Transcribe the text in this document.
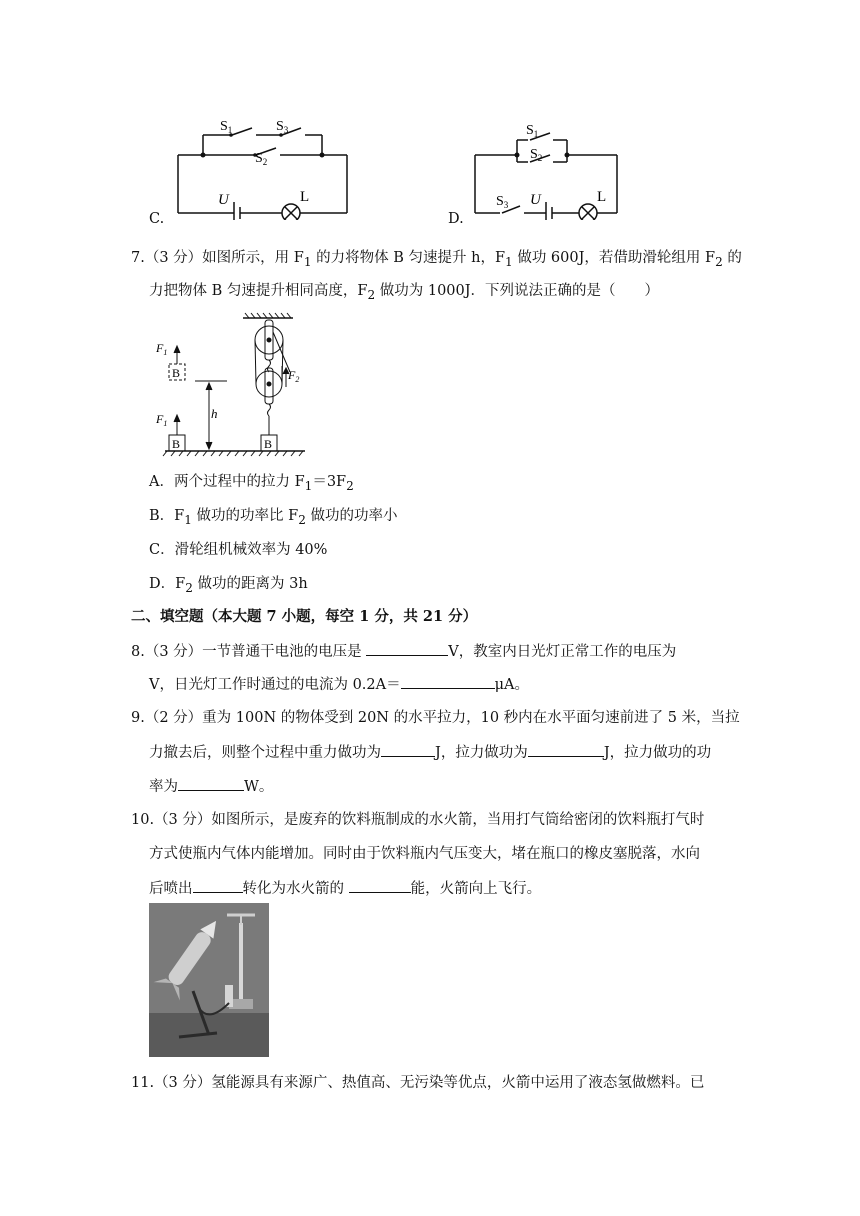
C.
$S_1$	$S_3$
$S_2$
U	L
D.
$S_1$
$S_2$
$S_3$ U	L
7.（3 分）如图所示，用 $F_1$ 的力将物体 B 匀速提升 h，$F_1$ 做功 600J，若借助滑轮组用 $F_2$ 的
力把物体 B 匀速提升相同高度，$F_2$ 做功为 1000J．下列说法正确的是（　　）
$F_1$
$F_1$
$F_2$
B
B	B
h
A．两个过程中的拉力 $F_1=3F_2$
B．$F_1$ 做功的功率比 $F_2$ 做功的功率小
C．滑轮组机械效率为 40%
D．$F_2$ 做功的距离为 3h
二、填空题（本大题 7 小题，每空 1 分，共 21 分）
8.（3 分）一节普通干电池的电压是	V，教室内日光灯正常工作的电压为
V，日光灯工作时通过的电流为 0.2A＝	μA。
9.（2 分）重为 100N 的物体受到 20N 的水平拉力，10 秒内在水平面匀速前进了 5 米，当拉
力撤去后，则整个过程中重力做功为	J，拉力做功为	J，拉力做功的功
率为	W。
10.（3 分）如图所示，是废弃的饮料瓶制成的水火箭，当用打气筒给密闭的饮料瓶打气时
方式使瓶内气体内能增加。同时由于饮料瓶内气压变大，堵在瓶口的橡皮塞脱落，水向
后喷出	转化为水火箭的	能，火箭向上飞行。
11.（3 分）氢能源具有来源广、热值高、无污染等优点，火箭中运用了液态氢做燃料。已
